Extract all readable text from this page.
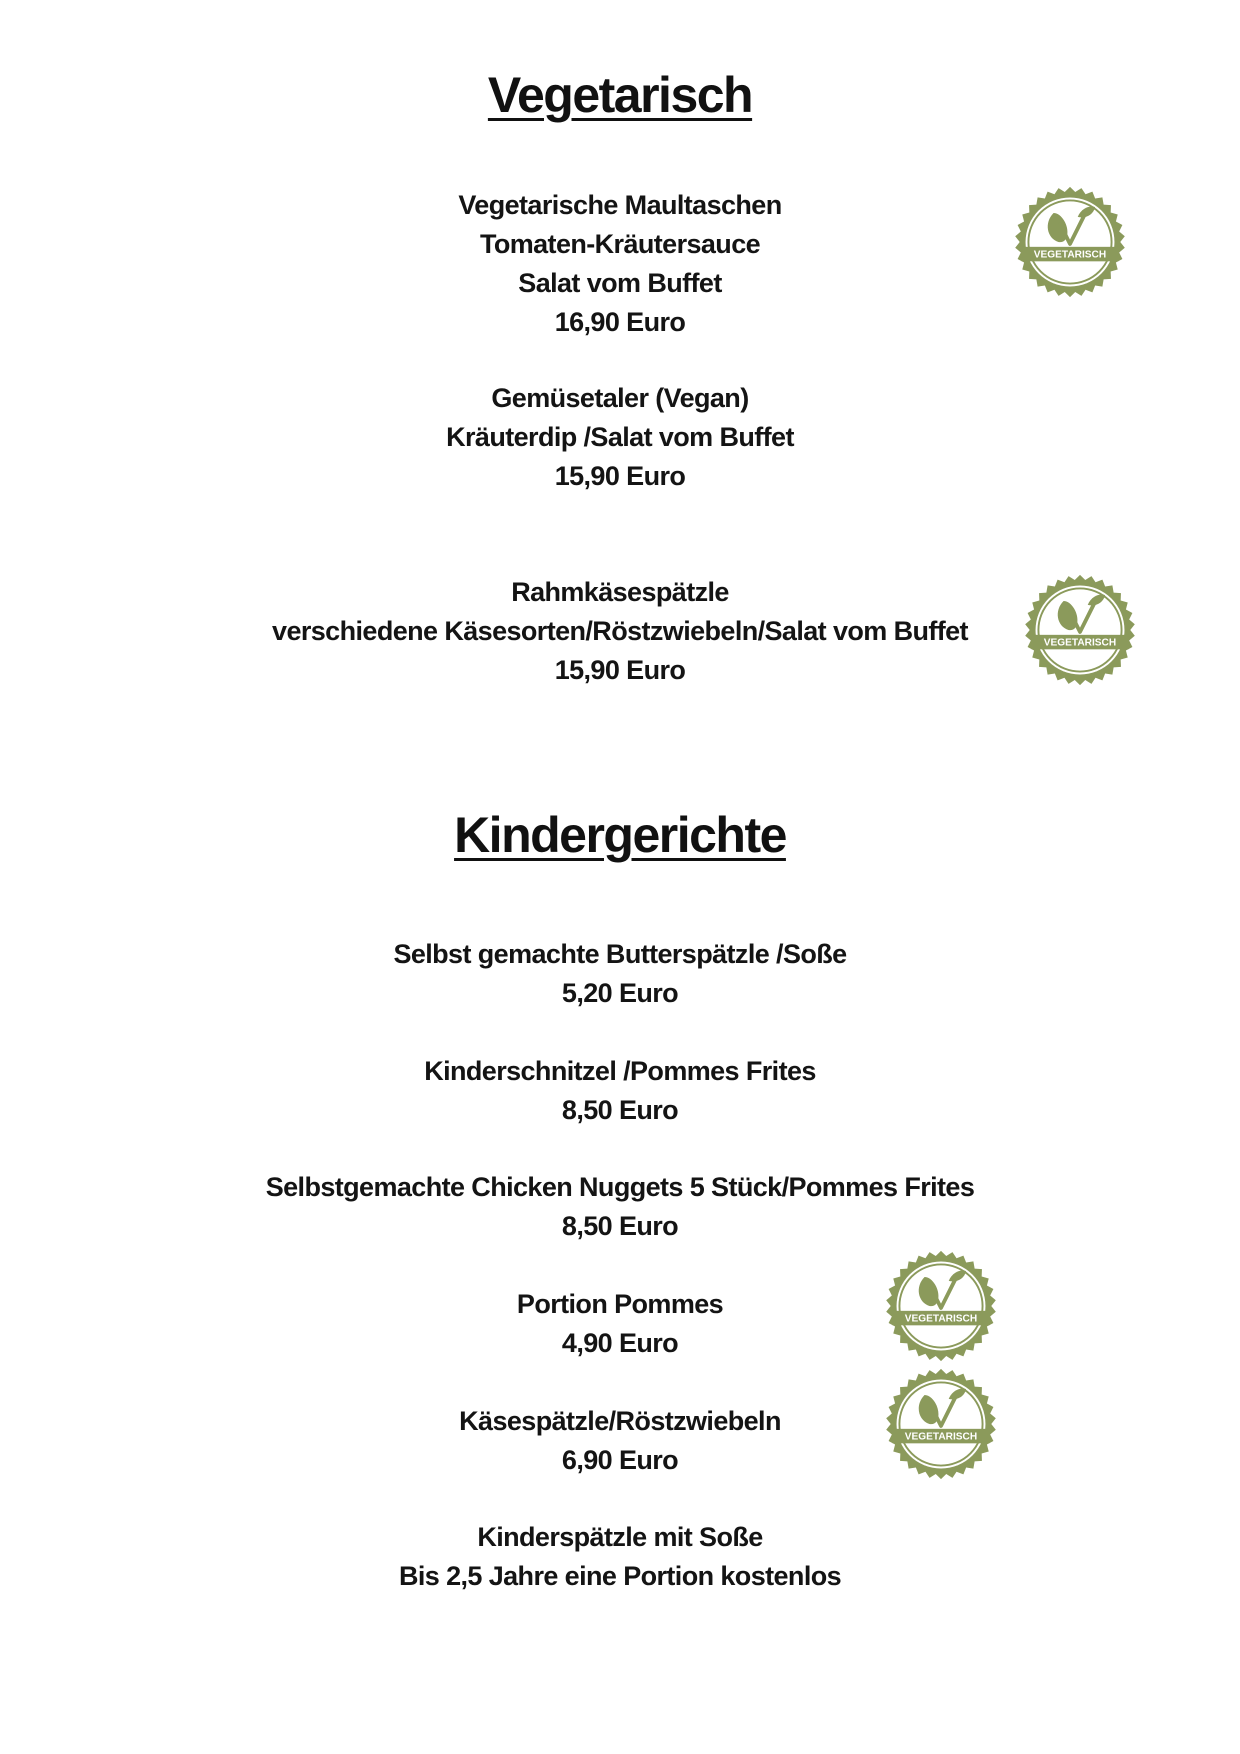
Vegetarisch
Vegetarische Maultaschen
Tomaten-Kräutersauce
Salat vom Buffet
16,90 Euro
Gemüsetaler (Vegan)
Kräuterdip /Salat vom Buffet
15,90 Euro
Rahmkäsespätzle
verschiedene Käsesorten/Röstzwiebeln/Salat vom Buffet
15,90 Euro
Kindergerichte
Selbst gemachte Butterspätzle /Soße
5,20 Euro
Kinderschnitzel /Pommes Frites
8,50 Euro
Selbstgemachte Chicken Nuggets 5 Stück/Pommes Frites
8,50 Euro
Portion Pommes
4,90 Euro
Käsespätzle/Röstzwiebeln
6,90 Euro
Kinderspätzle mit Soße
Bis 2,5 Jahre eine Portion kostenlos
VEGETARISCH
VEGETARISCH
VEGETARISCH
VEGETARISCH
